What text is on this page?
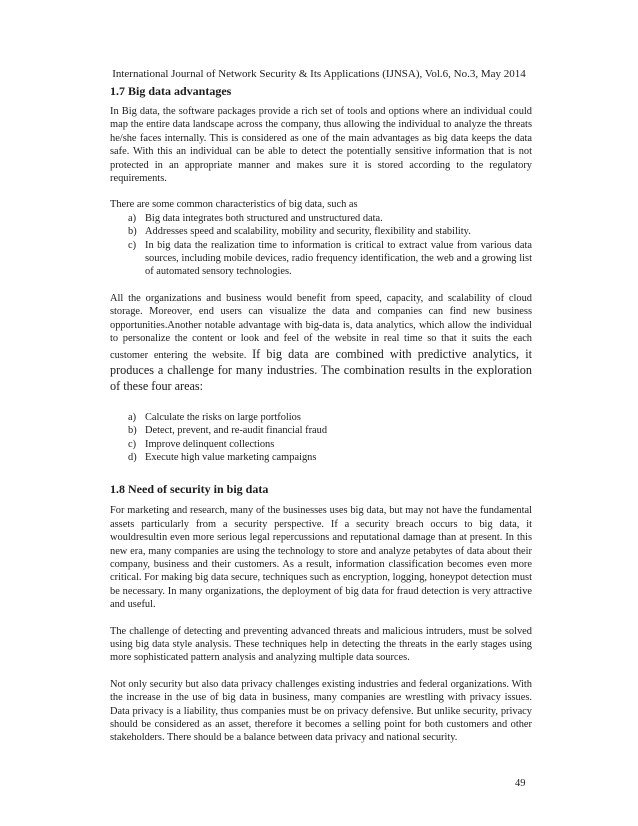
International Journal of Network Security & Its Applications (IJNSA), Vol.6, No.3, May 2014
1.7 Big data advantages

In Big data, the software packages provide a rich set of tools and options where an individual could map the entire data landscape across the company, thus allowing the individual to analyze the threats he/she faces internally. This is considered as one of the main advantages as big data keeps the data safe. With this an individual can be able to detect the potentially sensitive information that is not protected in an appropriate manner and makes sure it is stored according to the regulatory requirements.

There are some common characteristics of big data, such as

a) Big data integrates both structured and unstructured data.
b) Addresses speed and scalability, mobility and security, flexibility and stability.
c) In big data the realization time to information is critical to extract value from various data sources, including mobile devices, radio frequency identification, the web and a growing list of automated sensory technologies.

All the organizations and business would benefit from speed, capacity, and scalability of cloud storage. Moreover, end users can visualize the data and companies can find new business opportunities.Another notable advantage with big-data is, data analytics, which allow the individual to personalize the content or look and feel of the website in real time so that it suits the each customer entering the website. If big data are combined with predictive analytics, it produces a challenge for many industries. The combination results in the exploration of these four areas:

a) Calculate the risks on large portfolios
b) Detect, prevent, and re-audit financial fraud
c) Improve delinquent collections
d) Execute high value marketing campaigns
1.8 Need of security in big data

For marketing and research, many of the businesses uses big data, but may not have the fundamental assets particularly from a security perspective. If a security breach occurs to big data, it wouldresultin even more serious legal repercussions and reputational damage than at present. In this new era, many companies are using the technology to store and analyze petabytes of data about their company, business and their customers. As a result, information classification becomes even more critical. For making big data secure, techniques such as encryption, logging, honeypot detection must be necessary. In many organizations, the deployment of big data for fraud detection is very attractive and useful.

The challenge of detecting and preventing advanced threats and malicious intruders, must be solved using big data style analysis. These techniques help in detecting the threats in the early stages using more sophisticated pattern analysis and analyzing multiple data sources.

Not only security but also data privacy challenges existing industries and federal organizations. With the increase in the use of big data in business, many companies are wrestling with privacy issues. Data privacy is a liability, thus companies must be on privacy defensive. But unlike security, privacy should be considered as an asset, therefore it becomes a selling point for both customers and other stakeholders. There should be a balance between data privacy and national security.

49
